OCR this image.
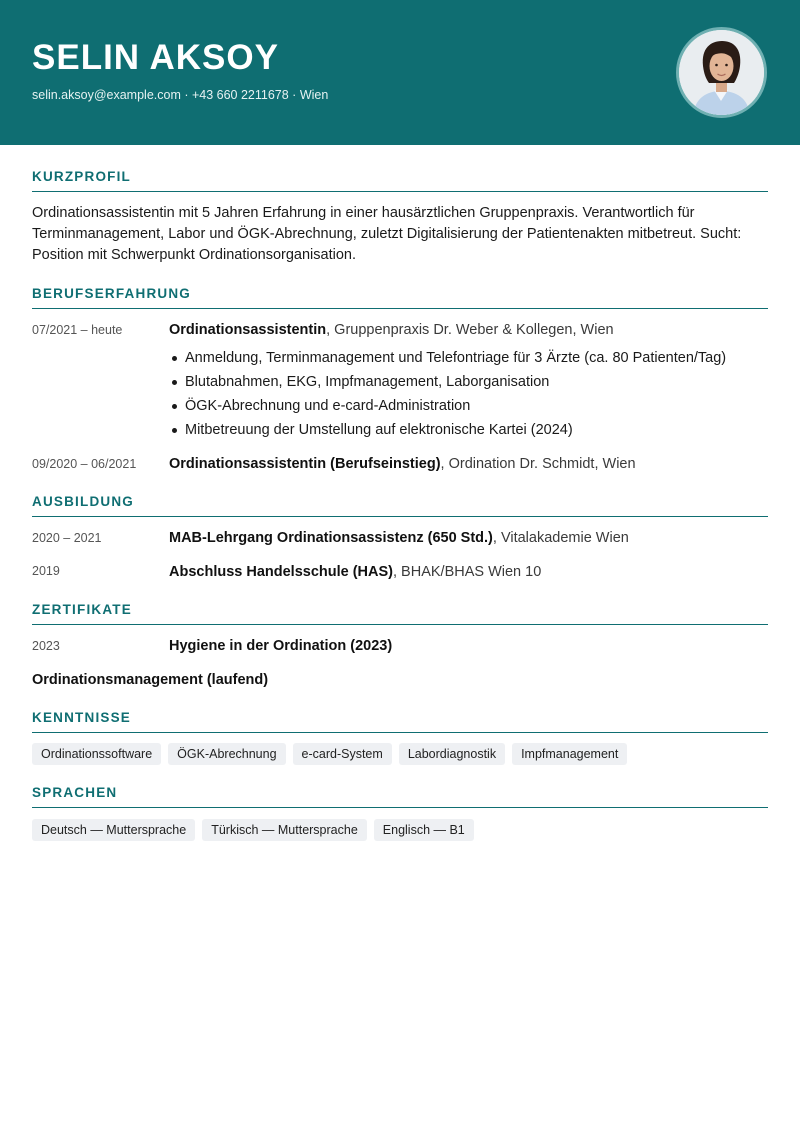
SELIN AKSOY
selin.aksoy@example.com · +43 660 2211678 · Wien
KURZPROFIL
Ordinationsassistentin mit 5 Jahren Erfahrung in einer hausärztlichen Gruppenpraxis. Verantwortlich für Terminmanagement, Labor und ÖGK-Abrechnung, zuletzt Digitalisierung der Patientenakten mitbetreut. Sucht: Position mit Schwerpunkt Ordinationsorganisation.
BERUFSERFAHRUNG
07/2021 – heute	Ordinationsassistentin, Gruppenpraxis Dr. Weber & Kollegen, Wien
Anmeldung, Terminmanagement und Telefontriage für 3 Ärzte (ca. 80 Patienten/Tag)
Blutabnahmen, EKG, Impfmanagement, Laborganisation
ÖGK-Abrechnung und e-card-Administration
Mitbetreuung der Umstellung auf elektronische Kartei (2024)
09/2020 – 06/2021 Ordinationsassistentin (Berufseinstieg), Ordination Dr. Schmidt, Wien
AUSBILDUNG
2020 – 2021	MAB-Lehrgang Ordinationsassistenz (650 Std.), Vitalakademie Wien
2019	Abschluss Handelsschule (HAS), BHAK/BHAS Wien 10
ZERTIFIKATE
2023	Hygiene in der Ordination (2023)
Ordinationsmanagement (laufend)
KENNTNISSE
Ordinationssoftware	ÖGK-Abrechnung	e-card-System	Labordiagnostik	Impfmanagement
SPRACHEN
Deutsch — Muttersprache	Türkisch — Muttersprache	Englisch — B1
